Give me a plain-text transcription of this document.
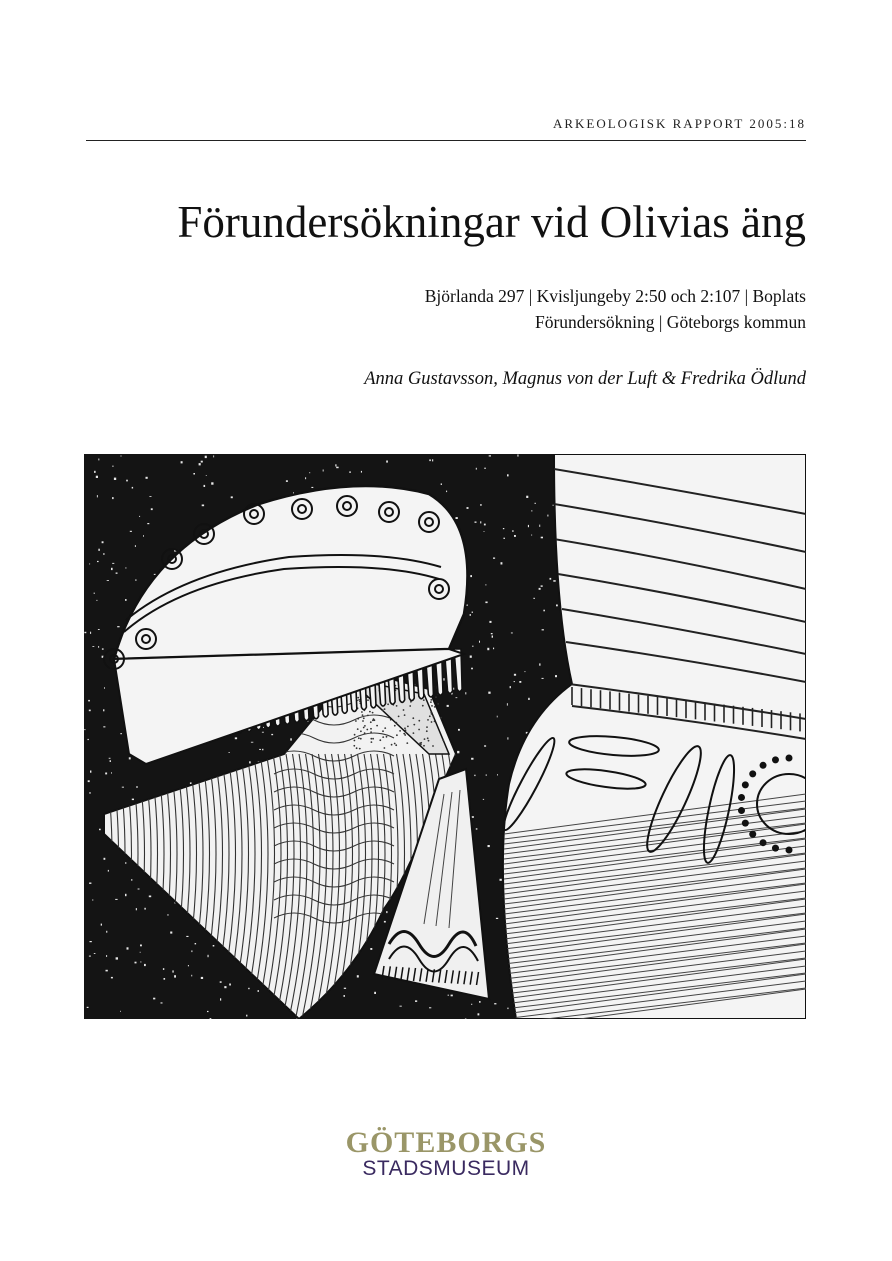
ARKEOLOGISK RAPPORT 2005:18
Förundersökningar vid Olivias äng
Björlanda 297 | Kvisljungeby 2:50 och 2:107 | Boplats
Förundersökning | Göteborgs kommun
Anna Gustavsson, Magnus von der Luft & Fredrika Ödlund
GÖTEBORGS
STADSMUSEUM
